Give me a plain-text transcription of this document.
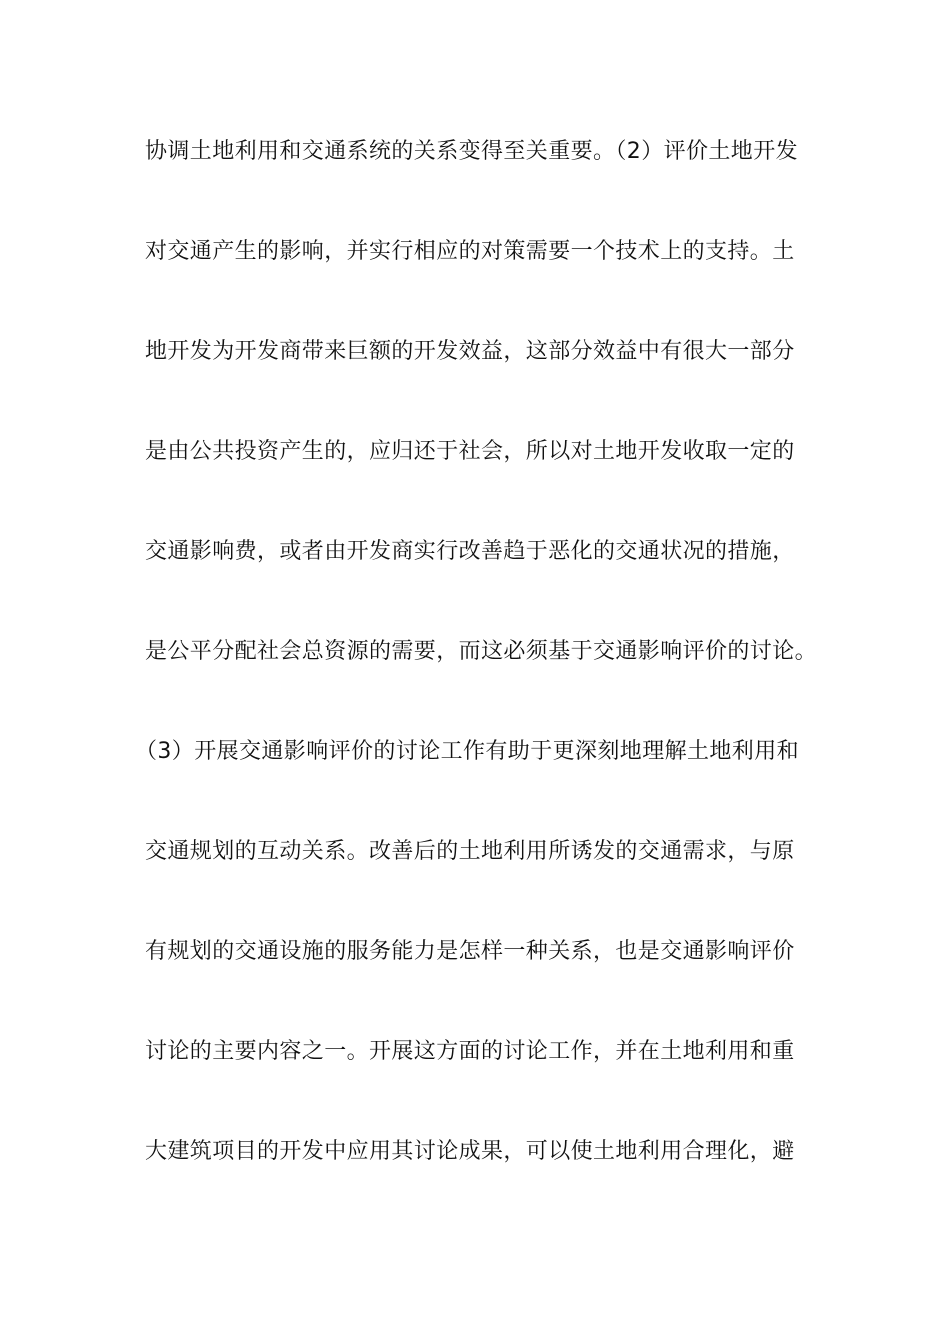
协调土地利用和交通系统的关系变得至关重要。（2）评价土地开发
对交通产生的影响，并实行相应的对策需要一个技术上的支持。土
地开发为开发商带来巨额的开发效益，这部分效益中有很大一部分
是由公共投资产生的，应归还于社会，所以对土地开发收取一定的
交通影响费，或者由开发商实行改善趋于恶化的交通状况的措施，
是公平分配社会总资源的需要，而这必须基于交通影响评价的讨论。
（3）开展交通影响评价的讨论工作有助于更深刻地理解土地利用和
交通规划的互动关系。改善后的土地利用所诱发的交通需求，与原
有规划的交通设施的服务能力是怎样一种关系，也是交通影响评价
讨论的主要内容之一。开展这方面的讨论工作，并在土地利用和重
大建筑项目的开发中应用其讨论成果，可以使土地利用合理化，避
